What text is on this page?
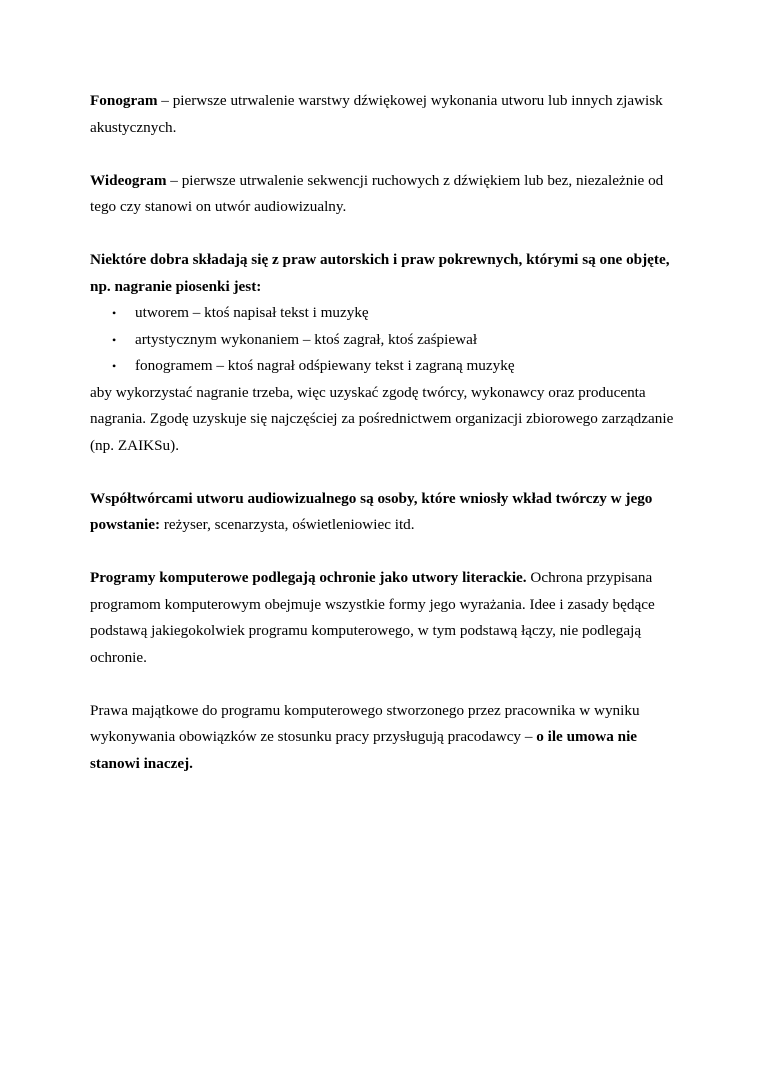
Fonogram – pierwsze utrwalenie warstwy dźwiękowej wykonania utworu lub innych zjawisk akustycznych.

Wideogram – pierwsze utrwalenie sekwencji ruchowych z dźwiękiem lub bez, niezależnie od tego czy stanowi on utwór audiowizualny.

Niektóre dobra składają się z praw autorskich i praw pokrewnych, którymi są one objęte,
np. nagranie piosenki jest:
• utworem – ktoś napisał tekst i muzykę
• artystycznym wykonaniem – ktoś zagrał, ktoś zaśpiewał
• fonogramem – ktoś nagrał odśpiewany tekst i zagraną muzykę
aby wykorzystać nagranie trzeba, więc uzyskać zgodę twórcy, wykonawcy oraz producenta nagrania. Zgodę uzyskuje się najczęściej za pośrednictwem organizacji zbiorowego zarządzanie (np. ZAIKSu).

Współtwórcami utworu audiowizualnego są osoby, które wniosły wkład twórczy w jego powstanie: reżyser, scenarzysta, oświetleniowiec itd.

Programy komputerowe podlegają ochronie jako utwory literackie. Ochrona przypisana programom komputerowym obejmuje wszystkie formy jego wyrażania. Idee i zasady będące podstawą jakiegokolwiek programu komputerowego, w tym podstawą łączy, nie podlegają ochronie.

Prawa majątkowe do programu komputerowego stworzonego przez pracownika w wyniku wykonywania obowiązków ze stosunku pracy przysługują pracodawcy – o ile umowa nie stanowi inaczej.
